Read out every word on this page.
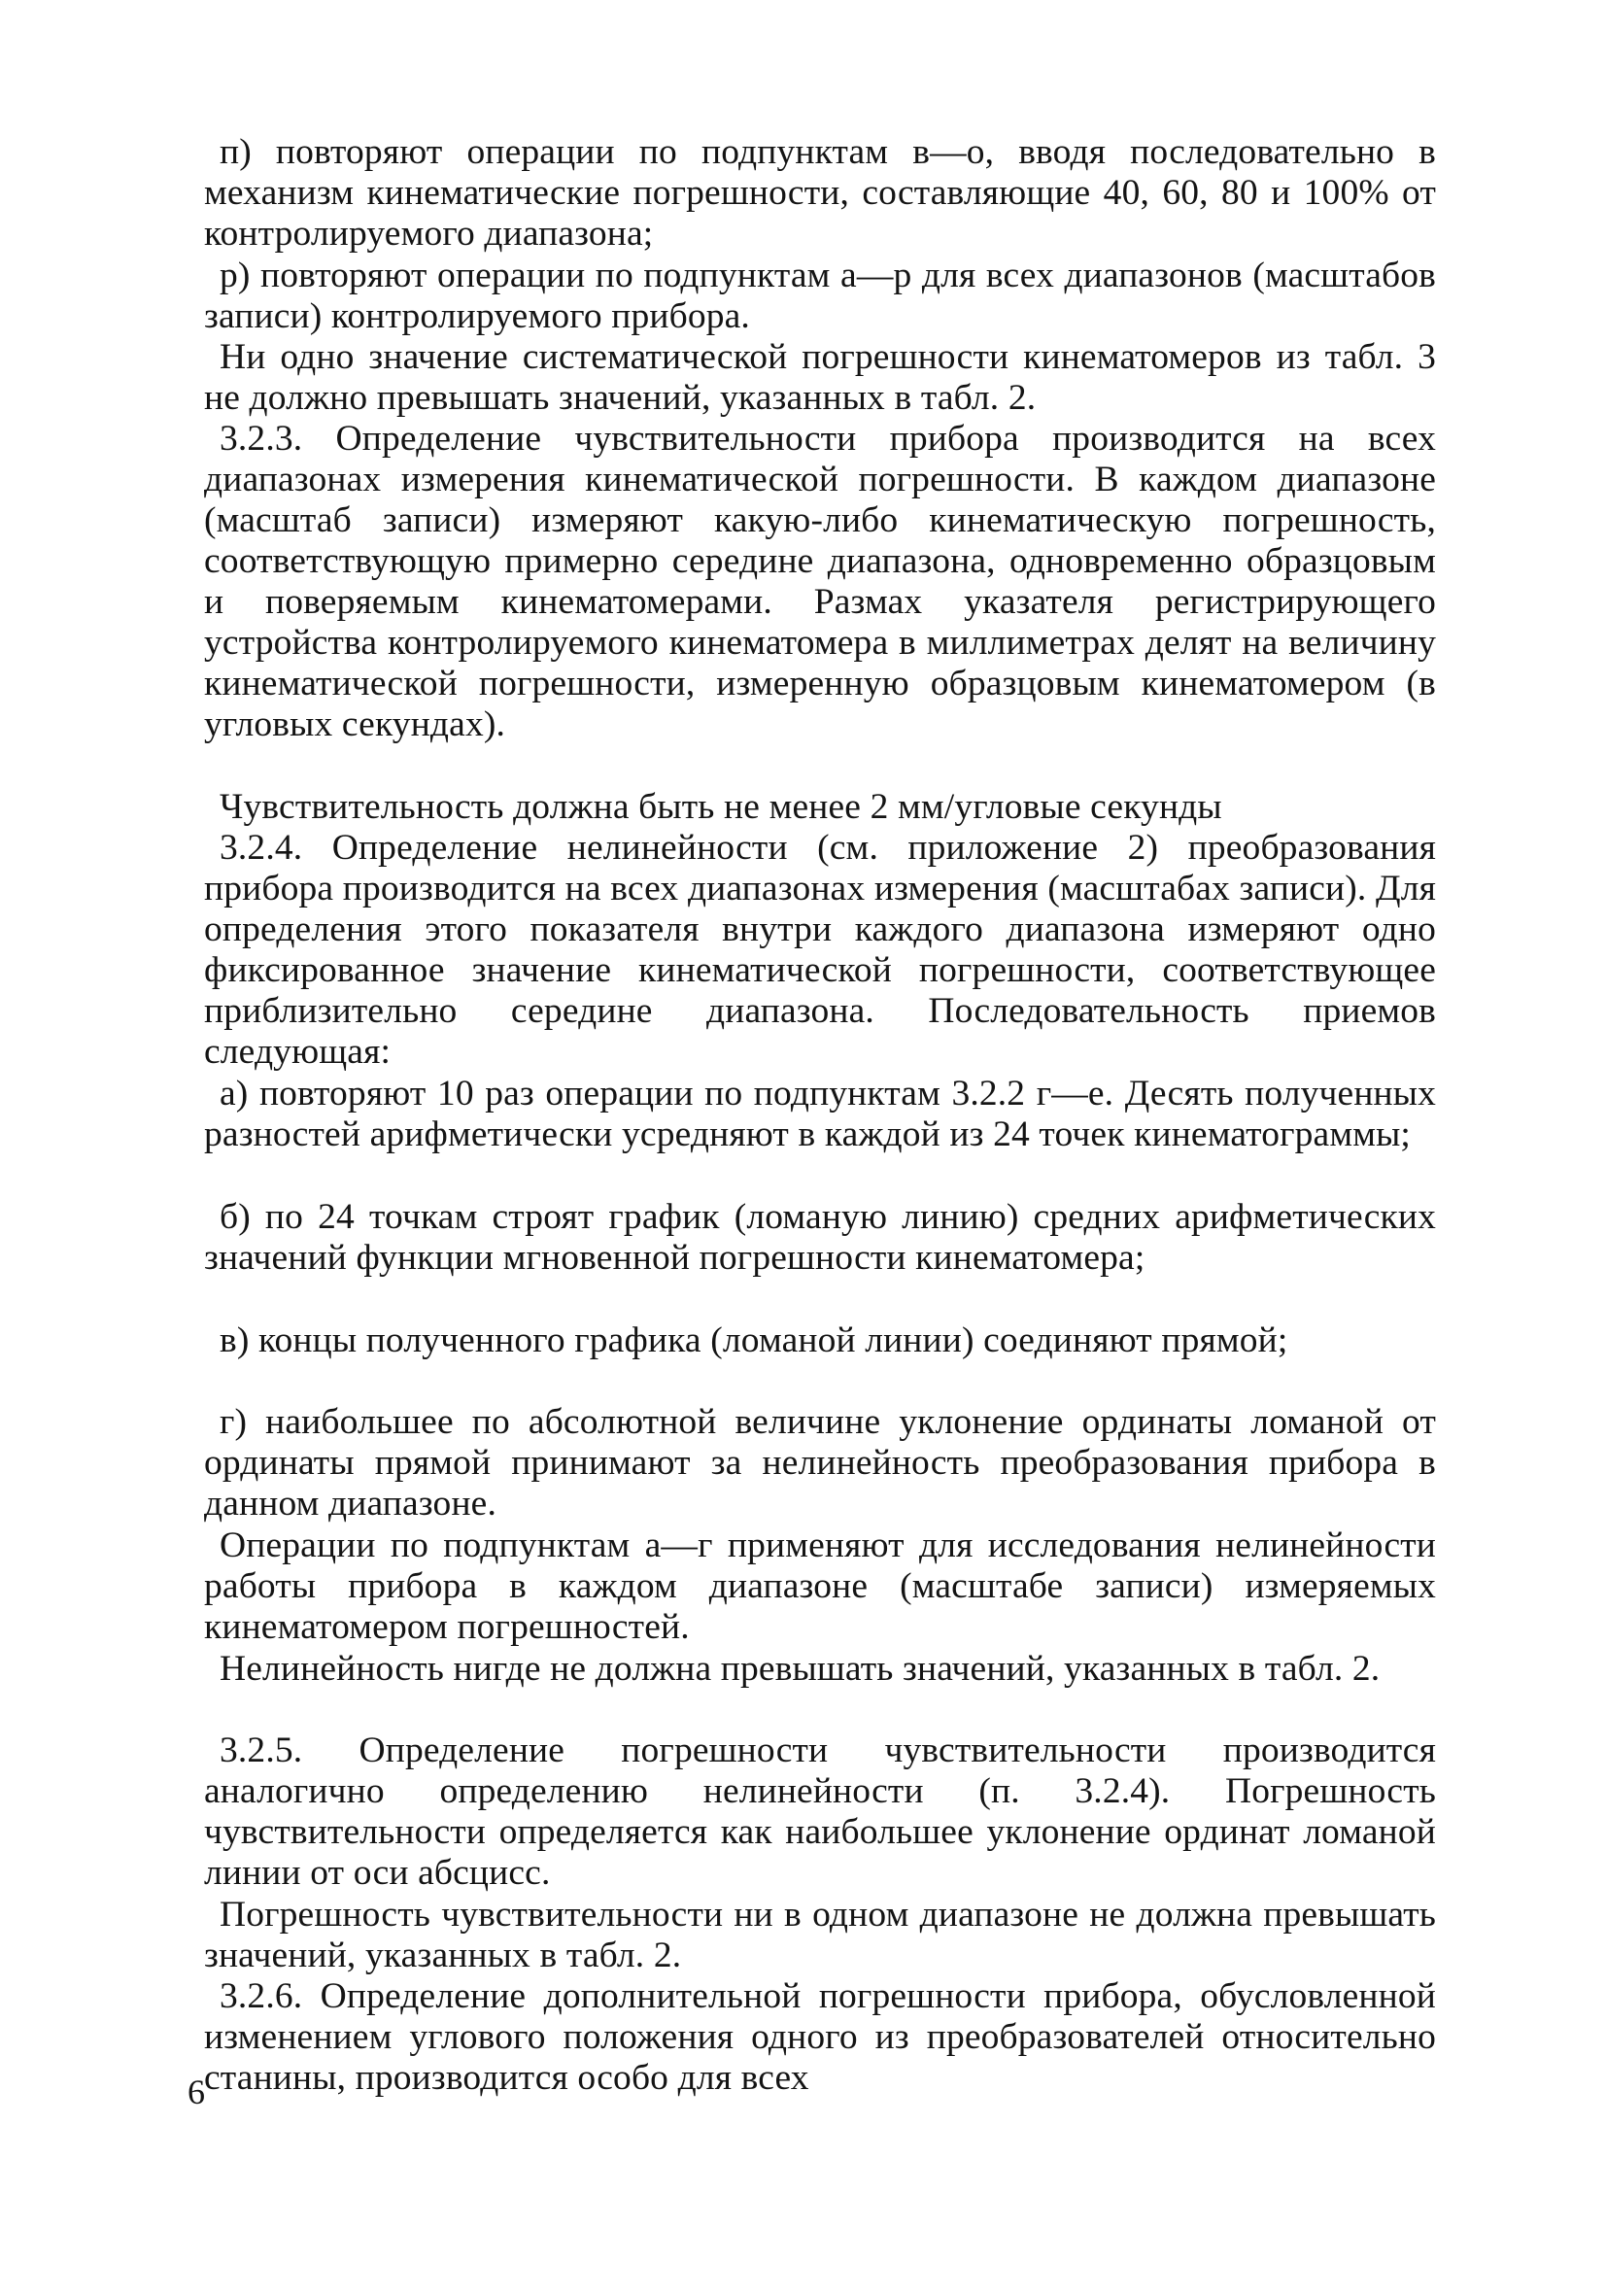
п) повторяют операции по подпунктам в—о, вводя последовательно в механизм кинематические погрешности, составляющие 40, 60, 80 и 100% от контролируемого диапазона;

р) повторяют операции по подпунктам а—р для всех диапазонов (масштабов записи) контролируемого прибора.

Ни одно значение систематической погрешности кинематомеров из табл. 3 не должно превышать значений, указанных в табл. 2.

3.2.3. Определение чувствительности прибора производится на всех диапазонах измерения кинематической погрешности. В каждом диапазоне (масштаб записи) измеряют какую-либо кинематическую погрешность, соответствующую примерно середине диапазона, одновременно образцовым и поверяемым кинематомерами. Размах указателя регистрирующего устройства контролируемого кинематомера в миллиметрах делят на величину кинематической погрешности, измеренную образцовым кинематомером (в угловых секундах).

Чувствительность должна быть не менее 2 мм/угловые секунды

3.2.4. Определение нелинейности (см. приложение 2) преобразования прибора производится на всех диапазонах измерения (масштабах записи). Для определения этого показателя внутри каждого диапазона измеряют одно фиксированное значение кинематической погрешности, соответствующее приблизительно середине диапазона. Последовательность приемов следующая:

а) повторяют 10 раз операции по подпунктам 3.2.2 г—е. Десять полученных разностей арифметически усредняют в каждой из 24 точек кинематограммы;

б) по 24 точкам строят график (ломаную линию) средних арифметических значений функции мгновенной погрешности кинематомера;

в) концы полученного графика (ломаной линии) соединяют прямой;

г) наибольшее по абсолютной величине уклонение ординаты ломаной от ординаты прямой принимают за нелинейность преобразования прибора в данном диапазоне.

Операции по подпунктам а—г применяют для исследования нелинейности работы прибора в каждом диапазоне (масштабе записи) измеряемых кинематомером погрешностей.

Нелинейность нигде не должна превышать значений, указанных в табл. 2.

3.2.5. Определение погрешности чувствительности производится аналогично определению нелинейности (п. 3.2.4). Погрешность чувствительности определяется как наибольшее уклонение ординат ломаной линии от оси абсцисс.

Погрешность чувствительности ни в одном диапазоне не должна превышать значений, указанных в табл. 2.

3.2.6. Определение дополнительной погрешности прибора, обусловленной изменением углового положения одного из преобразователей относительно станины, производится особо для всех

6
